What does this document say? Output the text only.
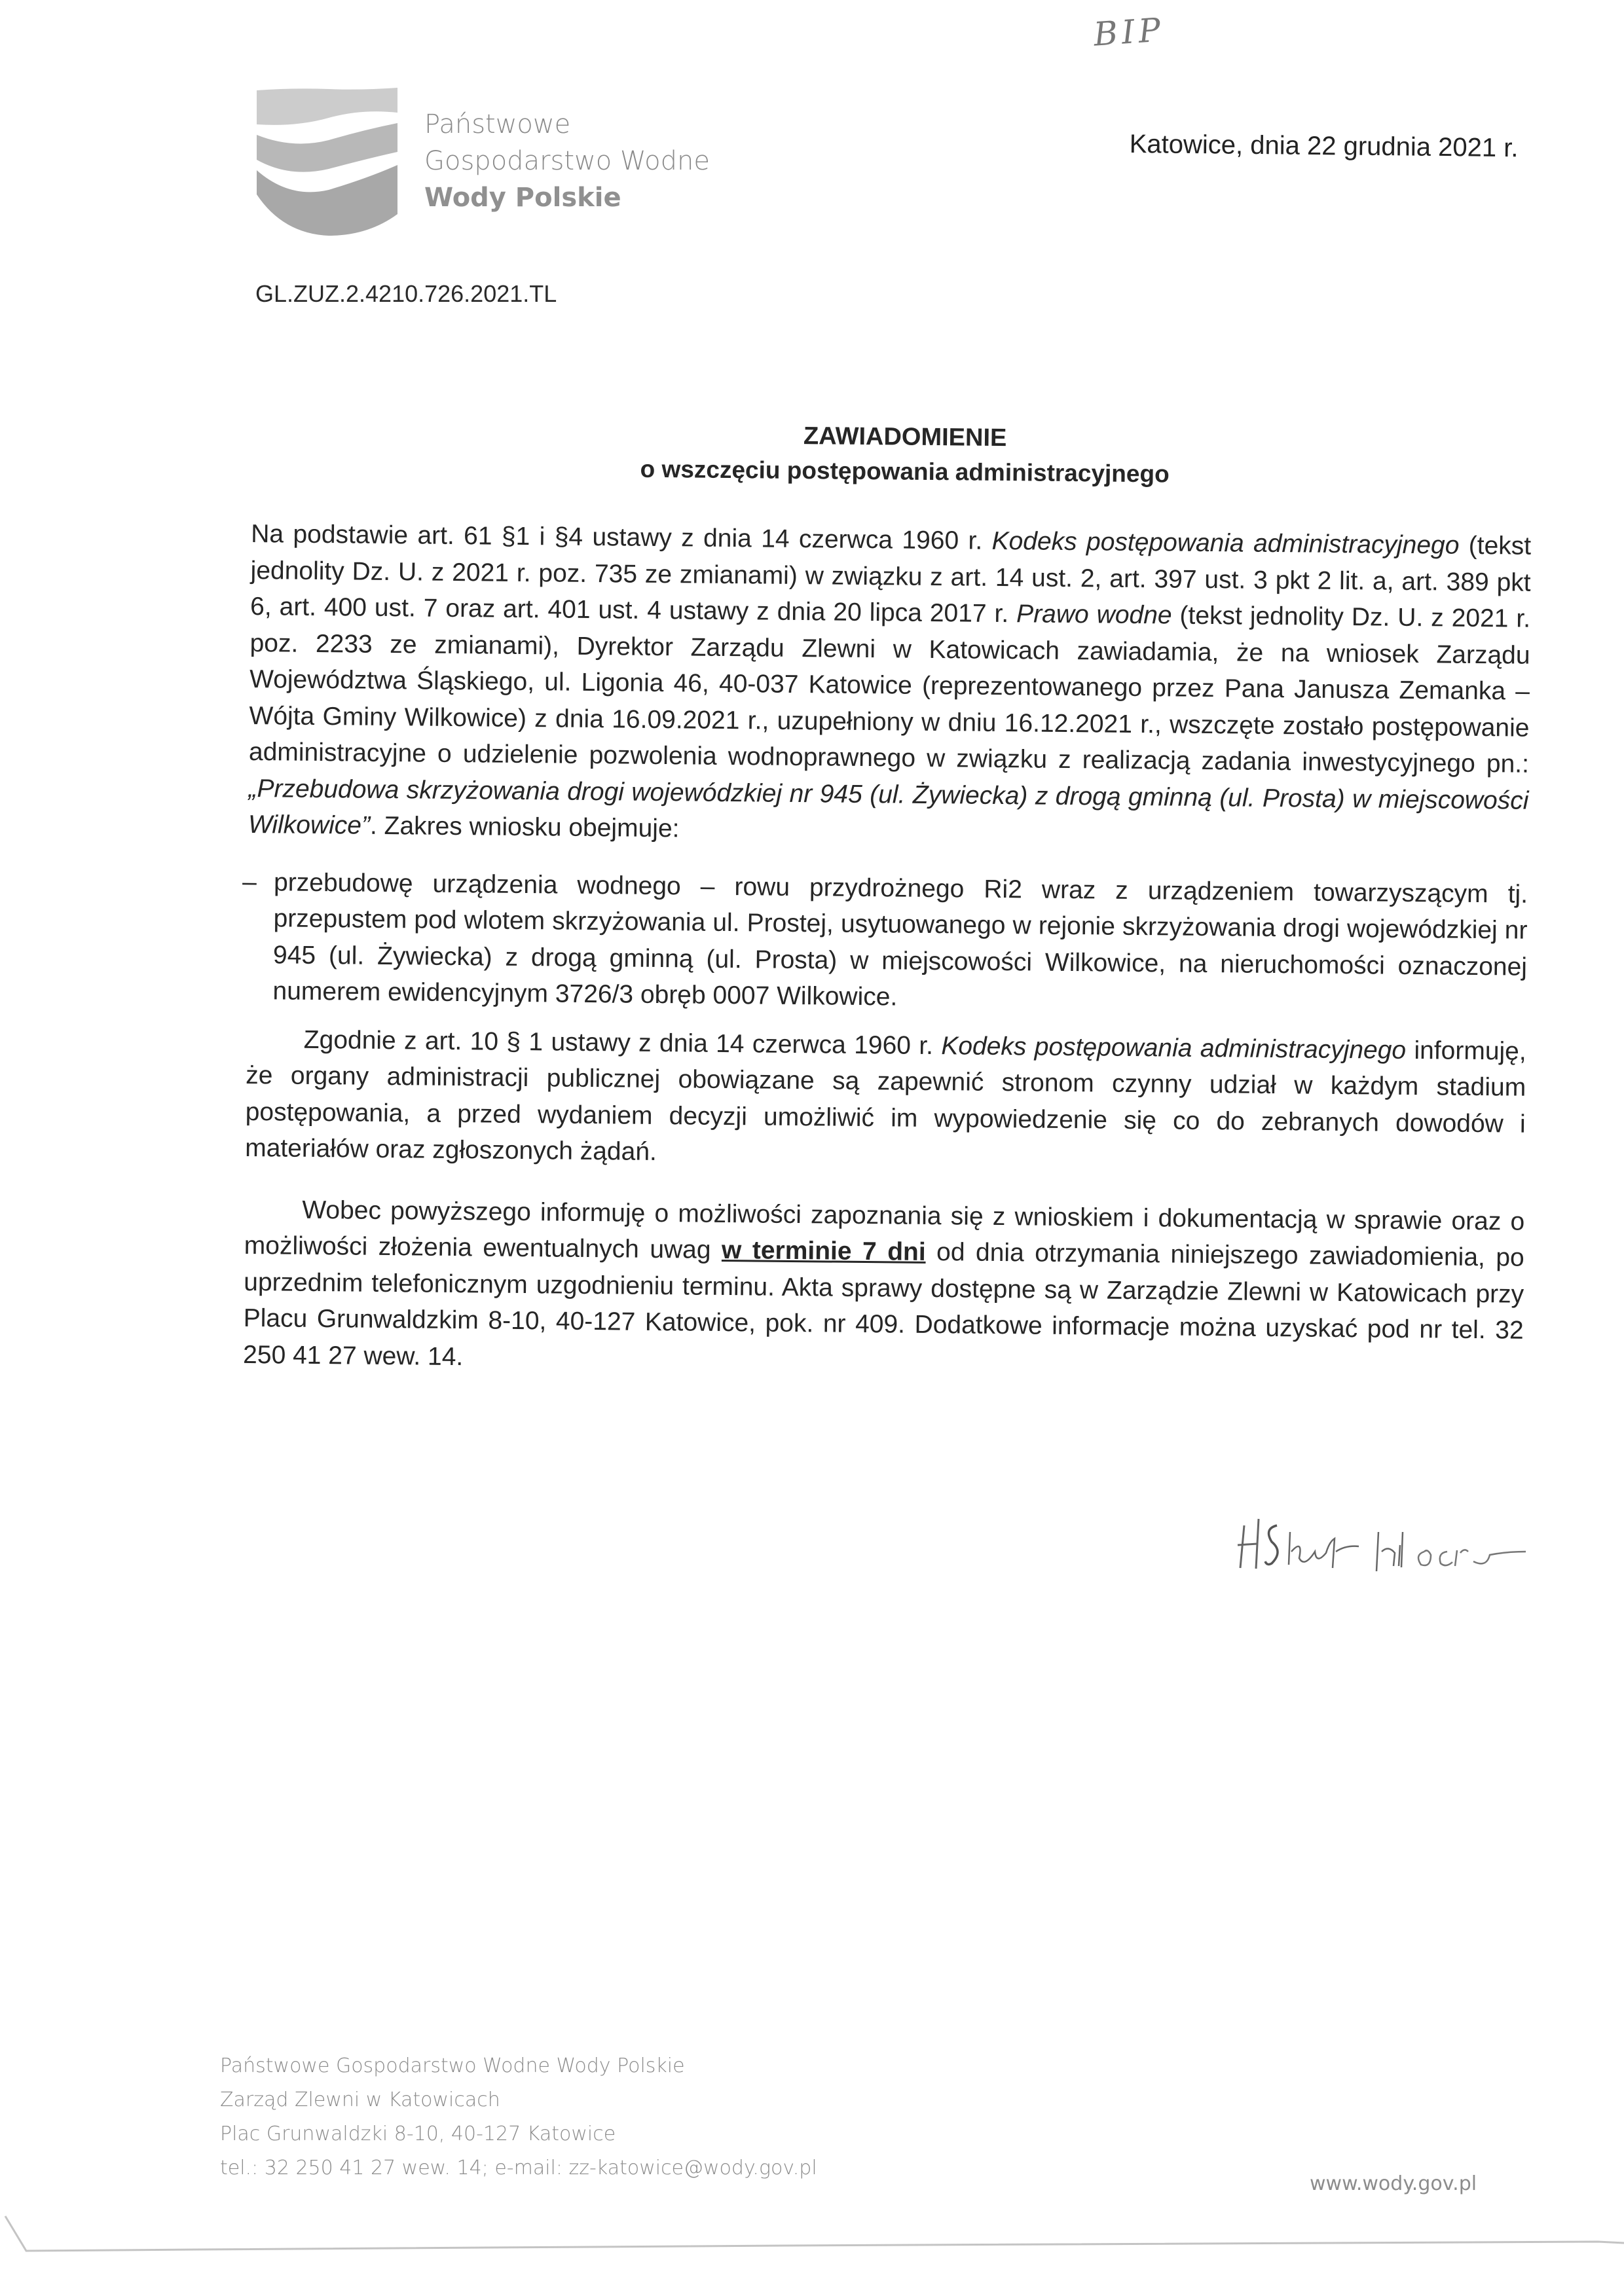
BIP
Państwowe
Gospodarstwo Wodne
Wody Polskie
Katowice, dnia 22 grudnia 2021 r.
GL.ZUZ.2.4210.726.2021.TL
ZAWIADOMIENIE
o wszczęciu postępowania administracyjnego

Na podstawie art. 61 §1 i §4 ustawy z dnia 14 czerwca 1960 r. Kodeks postępowania administracyjnego (tekst jednolity Dz. U. z 2021 r. poz. 735 ze zmianami) w związku z art. 14 ust. 2, art. 397 ust. 3 pkt 2 lit. a, art. 389 pkt 6, art. 400 ust. 7 oraz art. 401 ust. 4 ustawy z dnia 20 lipca 2017 r. Prawo wodne (tekst jednolity Dz. U. z 2021 r. poz. 2233 ze zmianami), Dyrektor Zarządu Zlewni w Katowicach zawiadamia, że na wniosek Zarządu Województwa Śląskiego, ul. Ligonia 46, 40-037 Katowice (reprezentowanego przez Pana Janusza Zemanka – Wójta Gminy Wilkowice) z dnia 16.09.2021 r., uzupełniony w dniu 16.12.2021 r., wszczęte zostało postępowanie administracyjne o udzielenie pozwolenia wodnoprawnego w związku z realizacją zadania inwestycyjnego pn.: „Przebudowa skrzyżowania drogi wojewódzkiej nr 945 (ul. Żywiecka) z drogą gminną (ul. Prosta) w miejscowości Wilkowice”. Zakres wniosku obejmuje:

– przebudowę urządzenia wodnego – rowu przydrożnego Ri2 wraz z urządzeniem towarzyszącym tj. przepustem pod wlotem skrzyżowania ul. Prostej, usytuowanego w rejonie skrzyżowania drogi wojewódzkiej nr 945 (ul. Żywiecka) z drogą gminną (ul. Prosta) w miejscowości Wilkowice, na nieruchomości oznaczonej numerem ewidencyjnym 3726/3 obręb 0007 Wilkowice.

Zgodnie z art. 10 § 1 ustawy z dnia 14 czerwca 1960 r. Kodeks postępowania administracyjnego informuję, że organy administracji publicznej obowiązane są zapewnić stronom czynny udział w każdym stadium postępowania, a przed wydaniem decyzji umożliwić im wypowiedzenie się co do zebranych dowodów i materiałów oraz zgłoszonych żądań.

Wobec powyższego informuję o możliwości zapoznania się z wnioskiem i dokumentacją w sprawie oraz o możliwości złożenia ewentualnych uwag w terminie 7 dni od dnia otrzymania niniejszego zawiadomienia, po uprzednim telefonicznym uzgodnieniu terminu. Akta sprawy dostępne są w Zarządzie Zlewni w Katowicach przy Placu Grunwaldzkim 8-10, 40-127 Katowice, pok. nr 409. Dodatkowe informacje można uzyskać pod nr tel. 32 250 41 27 wew. 14.

Państwowe Gospodarstwo Wodne Wody Polskie
Zarząd Zlewni w Katowicach
Plac Grunwaldzki 8-10, 40-127 Katowice
tel.: 32 250 41 27 wew. 14; e-mail: zz-katowice@wody.gov.pl
www.wody.gov.pl
